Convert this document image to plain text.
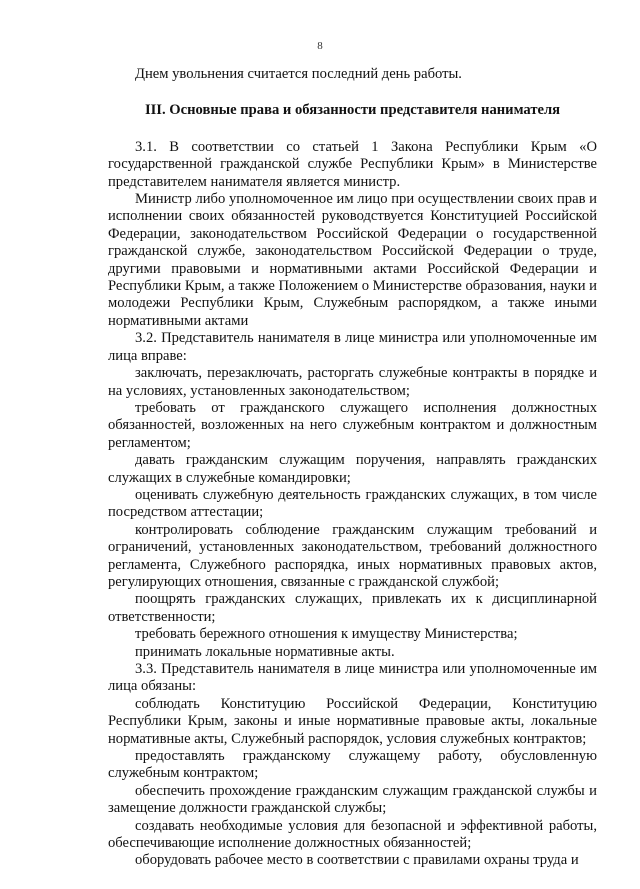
8

Днем увольнения считается последний день работы.

III. Основные права и обязанности представителя нанимателя

3.1. В соответствии со статьей 1 Закона Республики Крым «О государственной гражданской службе Республики Крым» в Министерстве представителем нанимателя является министр.

Министр либо уполномоченное им лицо при осуществлении своих прав и исполнении своих обязанностей руководствуется Конституцией Российской Федерации, законодательством Российской Федерации о государственной гражданской службе, законодательством Российской Федерации о труде, другими правовыми и нормативными актами Российской Федерации и Республики Крым, а также Положением о Министерстве образования, науки и молодежи Республики Крым, Служебным распорядком, а также иными нормативными актами

3.2. Представитель нанимателя в лице министра или уполномоченные им лица вправе:

заключать, перезаключать, расторгать служебные контракты в порядке и на условиях, установленных законодательством;

требовать от гражданского служащего исполнения должностных обязанностей, возложенных на него служебным контрактом и должностным регламентом;

давать гражданским служащим поручения, направлять гражданских служащих в служебные командировки;

оценивать служебную деятельность гражданских служащих, в том числе посредством аттестации;

контролировать соблюдение гражданским служащим требований и ограничений, установленных законодательством, требований должностного регламента, Служебного распорядка, иных нормативных правовых актов, регулирующих отношения, связанные с гражданской службой;

поощрять гражданских служащих, привлекать их к дисциплинарной ответственности;

требовать бережного отношения к имуществу Министерства;

принимать локальные нормативные акты.

3.3. Представитель нанимателя в лице министра или уполномоченные им лица обязаны:

соблюдать Конституцию Российской Федерации, Конституцию Республики Крым, законы и иные нормативные правовые акты, локальные нормативные акты, Служебный распорядок, условия служебных контрактов;

предоставлять гражданскому служащему работу, обусловленную служебным контрактом;

обеспечить прохождение гражданским служащим гражданской службы и замещение должности гражданской службы;

создавать необходимые условия для безопасной и эффективной работы, обеспечивающие исполнение должностных обязанностей;

оборудовать рабочее место в соответствии с правилами охраны труда и
